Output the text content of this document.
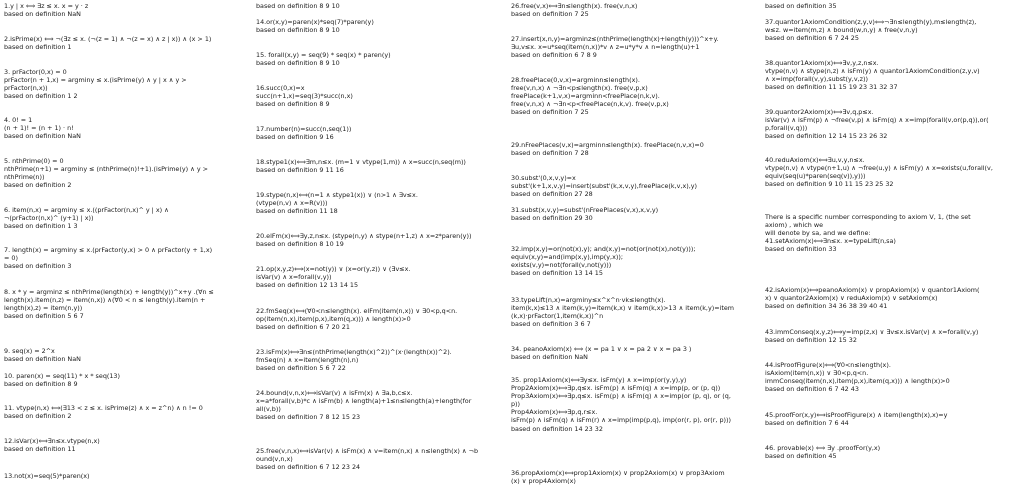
1.y | x ⟺ ∃z ≤ x. x = y · z
based on definition NaN
2.isPrime(x) ⟺ ¬(∃z ≤ x. (¬(z = 1) ∧ ¬(z = x) ∧ z | x)) ∧ (x > 1)
based on definition 1
3. prFactor(0,x) = 0
prFactor(n + 1,x) = argminy ≤ x.(isPrime(y) ∧ y | x ∧ y >
prFactor(n,x))
based on definition 1 2
4. 0! = 1
(n + 1)! = (n + 1) · n!
based on definition NaN
5. nthPrime(0) = 0
nthPrime(n+1) = argminy ≤ (nthPrime(n)!+1).(isPrime(y) ∧ y >
nthPrime(n))
based on definition 2
6. item(n,x) = argminy ≤ x.((prFactor(n,x)^ y | x) ∧
¬(prFactor(n,x)^ (y+1) | x))
based on definition 1 3
7. length(x) = argminy ≤ x.(prFactor(y,x) > 0 ∧ prFactor(y + 1,x)
= 0)
based on definition 3
8. x * y = argminz ≤ nthPrime(length(x) + length(y))^x+y .(∀n ≤
length(x).item(n,z) = item(n,x)) ∧(∀0 < n ≤ length(y).item(n +
length(x),z) = item(n,y))
based on definition 5 6 7
9. seq(x) = 2^x
based on definition NaN
10. paren(x) = seq(11) * x * seq(13)
based on definition 8 9
11. vtype(n,x) ⟺(∃13 < z ≤ x. isPrime(z) ∧ x = z^n) ∧ n != 0
based on definition 2
12.isVar(x)⟺∃n≤x.vtype(n,x)
based on definition 11
13.not(x)=seq(5)*paren(x)
based on definition 8 9 10
14.or(x,y)=paren(x)*seq(7)*paren(y)
based on definition 8 9 10
15. forall(x,y) = seq(9) * seq(x) * paren(y)
based on definition 8 9 10
16.succ(0,x)=x
succ(n+1,x)=seq(3)*succ(n,x)
based on definition 8 9
17.number(n)=succ(n,seq(1))
based on definition 9 16
18.stype1(x)⟺∃m,n≤x. (m=1 ∨ vtype(1,m)) ∧ x=succ(n,seq(m))
based on definition 9 11 16
19.stype(n,x)⟺(n=1 ∧ stype1(x)) ∨ (n>1 ∧ ∃v≤x.
(vtype(n,v) ∧ x=R(v)))
based on definition 11 18
20.elFm(x)⟺∃y,z,n≤x. (stype(n,y) ∧ stype(n+1,z) ∧ x=z*paren(y))
based on definition 8 10 19
21.op(x,y,z)⟺(x=not(y)) ∨ (x=or(y,z)) ∨ (∃v≤x.
isVar(v) ∧ x=forall(v,y))
based on definition 12 13 14 15
22.fmSeq(x)⟺(∀0<n≤length(x). elFm(item(n,x)) ∨ ∃0<p,q<n.
op(item(n,x),item(p,x),item(q,x))) ∧ length(x)>0
based on definition 6 7 20 21
23.isFm(x)⟺∃n≤(nthPrime(length(x)^2))^(x·(length(x))^2).
fmSeq(n) ∧ x=item(length(n),n)
based on definition 5 6 7 22
24.bound(v,n,x)⟺isVar(v) ∧ isFm(x) ∧ ∃a,b,c≤x.
x=a*forall(v,b)*c ∧ isFm(b) ∧ length(a)+1≤n≤length(a)+length(for
all(v,b))
based on definition 7 8 12 15 23
25.free(v,n,x)⟺isVar(v) ∧ isFm(x) ∧ v=item(n,x) ∧ n≤length(x) ∧ ¬b
ound(v,n,x)
based on definition 6 7 12 23 24
26.free(v,x)⟺∃n≤length(x). free(v,n,x)
based on definition 7 25
27.insert(x,n,y)=argminz≤(nthPrime(length(x)+length(y)))^x+y.
∃u,v≤x. x=u*seq(item(n,x))*v ∧ z=u*y*v ∧ n=length(u)+1
based on definition 6 7 8 9
28.freePlace(0,v,x)=argminn≤length(x).
free(v,n,x) ∧ ¬∃n<p≤length(x). free(v,p,x)
freePlace(k+1,v,x)=argminn<freePlace(n,k,v).
free(v,n,x) ∧ ¬∃n<p<freePlace(n,k,v). free(v,p,x)
based on definition 7 25
29.nFreePlaces(v,x)=argminn≤length(x). freePlace(n,v,x)=0
based on definition 7 28
30.subst'(0,x,v,y)=x
subst'(k+1,x,v,y)=insert(subst'(k,x,v,y),freePlace(k,v,x),y)
based on definition 27 28
31.subst(x,v,y)=subst'(nFreePlaces(v,x),x,v,y)
based on definition 29 30
32.imp(x,y)=or(not(x),y); and(x,y)=not(or(not(x),not(y)));
equiv(x,y)=and(imp(x,y),imp(y,x));
exists(v,y)=not(forall(v,not(y)))
based on definition 13 14 15
33.typeLift(n,x)=argminy≤x^x^n·vk≤length(x).
item(k,x)≤13 ∧ item(k,y)=item(k,x) ∨ item(k,x)>13 ∧ item(k,y)=item
(k,x)·prFactor(1,item(k,x))^n
based on definition 3 6 7
34. peanoAxiom(x) ⟺ (x = pa 1 ∨ x = pa 2 ∨ x = pa 3 )
based on definition NaN
35. prop1Axiom(x)⟺∃y≤x. isFm(y) ∧ x=imp(or(y,y),y)
Prop2Axiom(x)⟺∃p,q≤x. isFm(p) ∧ isFm(q) ∧ x=imp(p, or (p, q))
Prop3Axiom(x)⟺∃p,q≤x. isFm(p) ∧ isFm(q) ∧ x=imp(or (p, q), or (q,
p))
Prop4Axiom(x)⟺∃p,q,r≤x.
isFm(p) ∧ isFm(q) ∧ isFm(r) ∧ x=imp(imp(p,q), imp(or(r, p), or(r, p)))
based on definition 14 23 32
36.propAxiom(x)⟺prop1Axiom(x) ∨ prop2Axiom(x) ∨ prop3Axiom
(x) ∨ prop4Axiom(x)
based on definition 35
37.quantor1AxiomCondition(z,y,v)⟺¬∃n≤length(y),m≤length(z),
w≤z. w=item(m,z) ∧ bound(w,n,y) ∧ free(v,n,y)
based on definition 6 7 24 25
38.quantor1Axiom(x)⟺∃v,y,z,n≤x.
vtype(n,v) ∧ stype(n,z) ∧ isFm(y) ∧ quantor1AxiomCondition(z,y,v)
∧ x=imp(forall(v,y),subst(y,v,z))
based on definition 11 15 19 23 31 32 37
39.quantor2Axiom(x)⟺∃v,q,p≤x.
isVar(v) ∧ isFm(p) ∧ ¬free(v,p) ∧ isFm(q) ∧ x=imp(forall(v,or(p,q)),or(
p,forall(v,q)))
based on definition 12 14 15 23 26 32
40.reduAxiom(x)⟺∃u,v,y,n≤x.
vtype(n,v) ∧ vtype(n+1,u) ∧ ¬free(u,y) ∧ isFm(y) ∧ x=exists(u,forall(v,
equiv(seq(u)*paren(seq(v)),y)))
based on definition 9 10 11 15 23 25 32
There is a specific number corresponding to axiom V, 1, (the set
axiom) , which we
will denote by sa, and we define:
41.setAxiom(x)⟺∃n≤x. x=typeLift(n,sa)
based on definition 33
42.isAxiom(x)⟺peanoAxiom(x) ∨ propAxiom(x) ∨ quantor1Axiom(
x) ∨ quantor2Axiom(x) ∨ reduAxiom(x) ∨ setAxiom(x)
based on definition 34 36 38 39 40 41
43.immConseq(x,y,z)⟺y=imp(z,x) ∨ ∃v≤x.isVar(v) ∧ x=forall(v,y)
based on definition 12 15 32
44.isProofFigure(x)⟺(∀0<n≤length(x).
isAxiom(item(n,x)) ∨ ∃0<p,q<n.
immConseq(item(n,x),item(p,x),item(q,x))) ∧ length(x)>0
based on definition 6 7 42 43
45.proofFor(x,y)⟺isProofFigure(x) ∧ item(length(x),x)=y
based on definition 7 6 44
46. provable(x) ⟺ ∃y .proofFor(y,x)
based on definition 45
